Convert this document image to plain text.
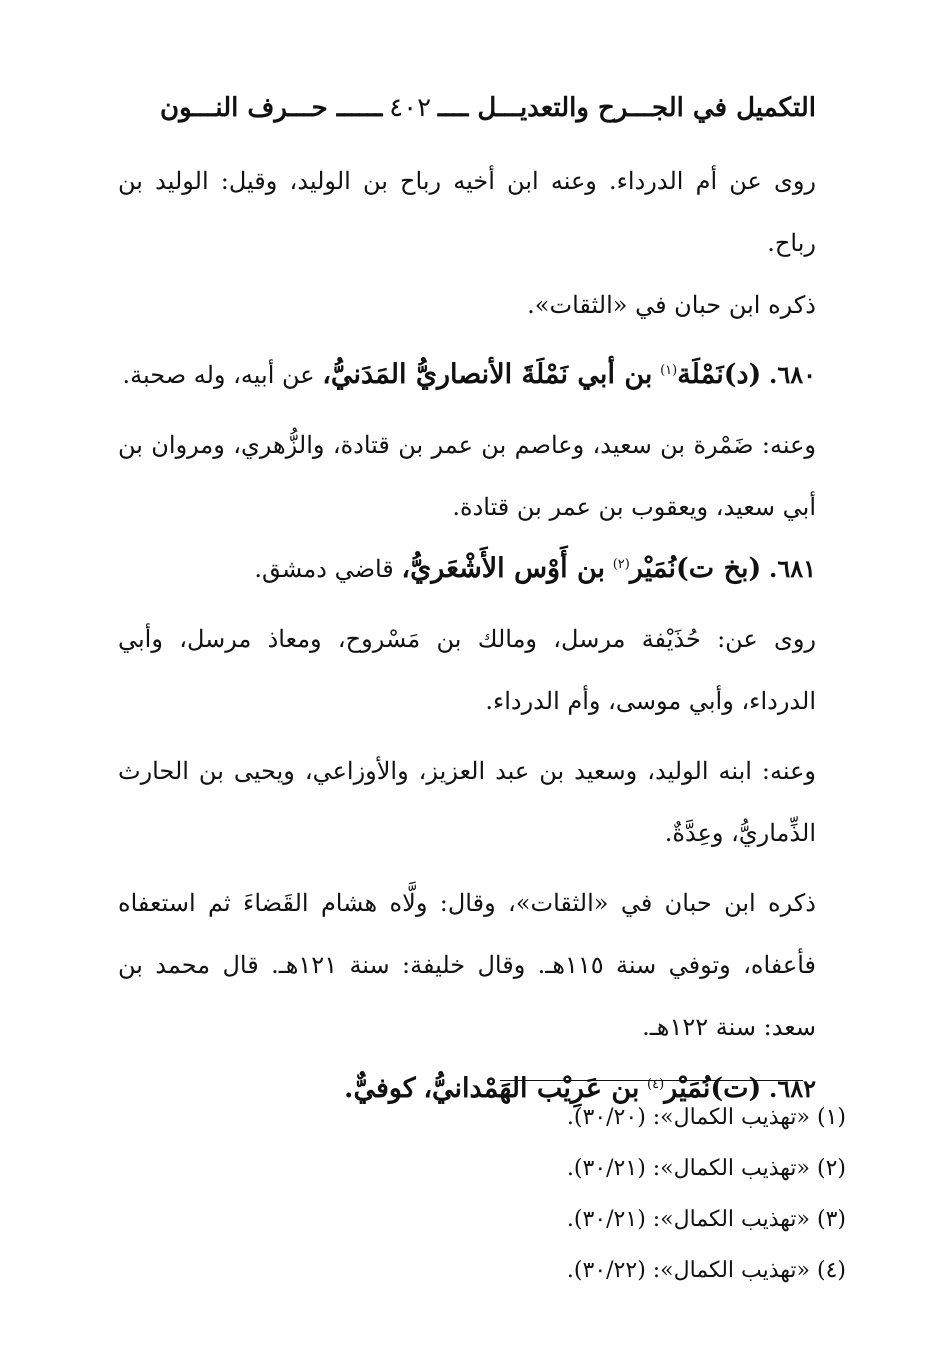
التكميل في الجـــرح والتعديـــل ــــ
٤٠٢
ــــــ حـــرف النـــون

روى عن أم الدرداء. وعنه ابن أخيه رباح بن الوليد، وقيل: الوليد بن رباح.

ذكره ابن حبان في «الثقات».

٦٨٠. (د)نَمْلَة$^{(١)}$ بن أبي نَمْلَةَ الأنصاريُّ المَدَنيُّ، عن أبيه، وله صحبة.

وعنه: ضَمْرة بن سعيد، وعاصم بن عمر بن قتادة، والزُّهري، ومروان بن أبي سعيد، ويعقوب بن عمر بن قتادة.

٦٨١. (بخ ت)نُمَيْر$^{(٢)}$ بن أَوْس الأَشْعَريُّ، قاضي دمشق.

روى عن: حُذَيْفة مرسل، ومالك بن مَسْروح، ومعاذ مرسل، وأبي الدرداء، وأبي موسى، وأم الدرداء.

وعنه: ابنه الوليد، وسعيد بن عبد العزيز، والأوزاعي، ويحيى بن الحارث الذِّماريُّ، وعِدَّةٌ.

ذكره ابن حبان في «الثقات»، وقال: ولَّاه هشام القَضاءَ ثم استعفاه فأعفاه، وتوفي سنة ١١٥هـ. وقال خليفة: سنة ١٢١هـ. قال محمد بن سعد: سنة ١٢٢هـ.

٦٨٢. (ت)نُمَيْر$^{(٤)}$ بن عَرِيْب الهَمْدانيُّ، كوفيٌّ.

(١) «تهذيب الكمال»: (٣٠/٢٠).

(٢) «تهذيب الكمال»: (٣٠/٢١).

(٣) «تهذيب الكمال»: (٣٠/٢١).

(٤) «تهذيب الكمال»: (٣٠/٢٢).
